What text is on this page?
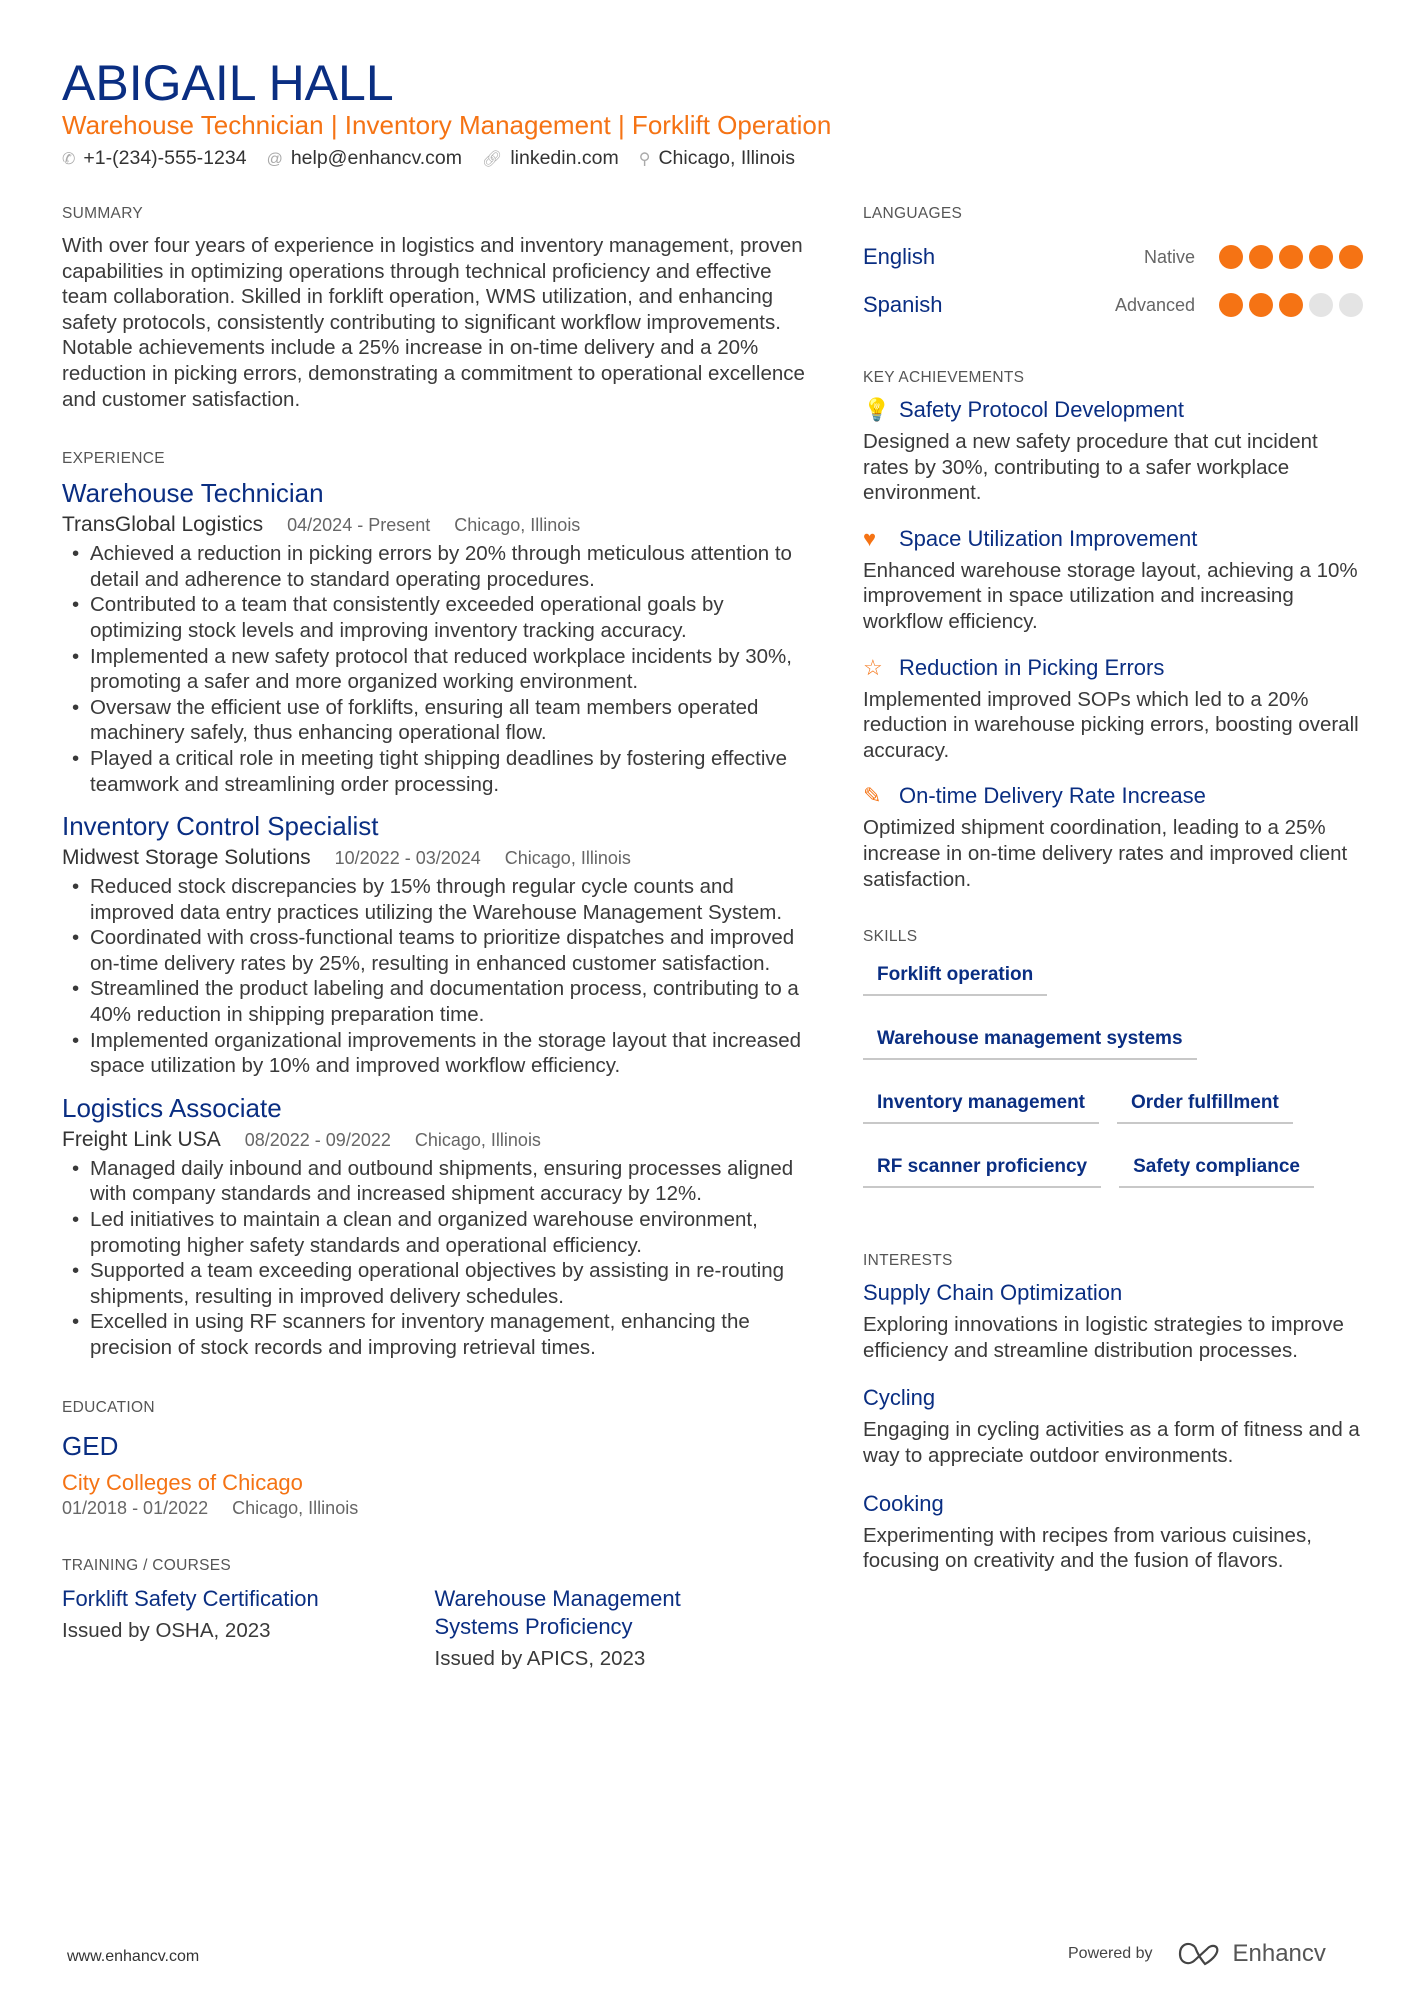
ABIGAIL HALL
Warehouse Technician | Inventory Management | Forklift Operation
✆ +1-(234)-555-1234 @ help@enhancv.com 🔗︎ linkedin.com ⚲ Chicago, Illinois
SUMMARY

With over four years of experience in logistics and inventory management, proven capabilities in optimizing operations through technical proficiency and effective team collaboration. Skilled in forklift operation, WMS utilization, and enhancing safety protocols, consistently contributing to significant workflow improvements. Notable achievements include a 25% increase in on-time delivery and a 20% reduction in picking errors, demonstrating a commitment to operational excellence and customer satisfaction.

EXPERIENCE
Warehouse Technician
TransGlobal Logistics 04/2024 - Present Chicago, Illinois
• Achieved a reduction in picking errors by 20% through meticulous attention to detail and adherence to standard operating procedures.
• Contributed to a team that consistently exceeded operational goals by optimizing stock levels and improving inventory tracking accuracy.
• Implemented a new safety protocol that reduced workplace incidents by 30%, promoting a safer and more organized working environment.
• Oversaw the efficient use of forklifts, ensuring all team members operated machinery safely, thus enhancing operational flow.
• Played a critical role in meeting tight shipping deadlines by fostering effective teamwork and streamlining order processing.
Inventory Control Specialist
Midwest Storage Solutions 10/2022 - 03/2024 Chicago, Illinois
• Reduced stock discrepancies by 15% through regular cycle counts and improved data entry practices utilizing the Warehouse Management System.
• Coordinated with cross-functional teams to prioritize dispatches and improved on-time delivery rates by 25%, resulting in enhanced customer satisfaction.
• Streamlined the product labeling and documentation process, contributing to a 40% reduction in shipping preparation time.
• Implemented organizational improvements in the storage layout that increased space utilization by 10% and improved workflow efficiency.
Logistics Associate
Freight Link USA 08/2022 - 09/2022 Chicago, Illinois
• Managed daily inbound and outbound shipments, ensuring processes aligned with company standards and increased shipment accuracy by 12%.
• Led initiatives to maintain a clean and organized warehouse environment, promoting higher safety standards and operational efficiency.
• Supported a team exceeding operational objectives by assisting in re-routing shipments, resulting in improved delivery schedules.
• Excelled in using RF scanners for inventory management, enhancing the precision of stock records and improving retrieval times.
EDUCATION
GED
City Colleges of Chicago
01/2018 - 01/2022 Chicago, Illinois
TRAINING / COURSES
Forklift Safety Certification
Issued by OSHA, 2023
Warehouse Management Systems Proficiency
Issued by APICS, 2023
LANGUAGES
English	Native
Spanish	Advanced
KEY ACHIEVEMENTS
💡 Safety Protocol Development

Designed a new safety procedure that cut incident rates by 30%, contributing to a safer workplace environment.

♥	Space Utilization Improvement

Enhanced warehouse storage layout, achieving a 10% improvement in space utilization and increasing workflow efficiency.

☆ Reduction in Picking Errors

Implemented improved SOPs which led to a 20% reduction in warehouse picking errors, boosting overall accuracy.

✎ On-time Delivery Rate Increase

Optimized shipment coordination, leading to a 25% increase in on-time delivery rates and improved client satisfaction.

SKILLS
Forklift operation
Warehouse management systems
Inventory management	Order fulfillment
RF scanner proficiency	Safety compliance
INTERESTS
Supply Chain Optimization

Exploring innovations in logistic strategies to improve efficiency and streamline distribution processes.

Cycling

Engaging in cycling activities as a form of fitness and a way to appreciate outdoor environments.

Cooking

Experimenting with recipes from various cuisines, focusing on creativity and the fusion of flavors.

www.enhancv.com	Powered by	Enhancv
